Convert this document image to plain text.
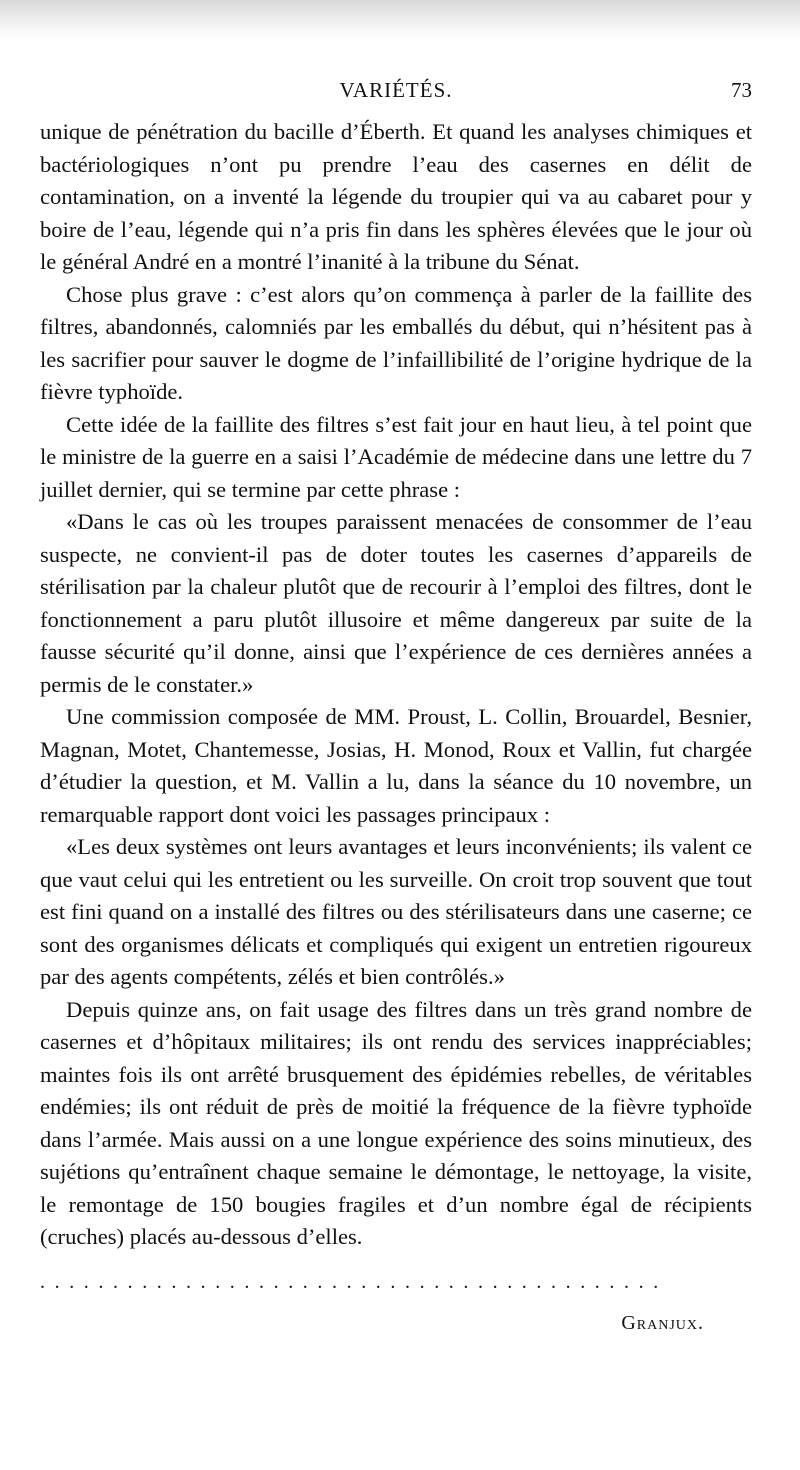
VARIÉTÉS.	73

unique de pénétration du bacille d’Éberth. Et quand les analyses chimiques et bactériologiques n’ont pu prendre l’eau des casernes en délit de contamination, on a inventé la légende du troupier qui va au cabaret pour y boire de l’eau, légende qui n’a pris fin dans les sphères élevées que le jour où le général André en a montré l’inanité à la tribune du Sénat.

Chose plus grave : c’est alors qu’on commença à parler de la faillite des filtres, abandonnés, calomniés par les emballés du début, qui n’hésitent pas à les sacrifier pour sauver le dogme de l’infaillibilité de l’origine hydrique de la fièvre typhoïde.

Cette idée de la faillite des filtres s’est fait jour en haut lieu, à tel point que le ministre de la guerre en a saisi l’Académie de médecine dans une lettre du 7 juillet dernier, qui se termine par cette phrase :

«Dans le cas où les troupes paraissent menacées de consommer de l’eau suspecte, ne convient-il pas de doter toutes les casernes d’appareils de stérilisation par la chaleur plutôt que de recourir à l’emploi des filtres, dont le fonctionnement a paru plutôt illusoire et même dangereux par suite de la fausse sécurité qu’il donne, ainsi que l’expérience de ces dernières années a permis de le constater.»

Une commission composée de MM. Proust, L. Collin, Brouardel, Besnier, Magnan, Motet, Chantemesse, Josias, H. Monod, Roux et Vallin, fut chargée d’étudier la question, et M. Vallin a lu, dans la séance du 10 novembre, un remarquable rapport dont voici les passages principaux :

«Les deux systèmes ont leurs avantages et leurs inconvénients; ils valent ce que vaut celui qui les entretient ou les surveille. On croit trop souvent que tout est fini quand on a installé des filtres ou des stérilisateurs dans une caserne; ce sont des organismes délicats et compliqués qui exigent un entretien rigoureux par des agents compétents, zélés et bien contrôlés.»

Depuis quinze ans, on fait usage des filtres dans un très grand nombre de casernes et d’hôpitaux militaires; ils ont rendu des services inappréciables; maintes fois ils ont arrêté brusquement des épidémies rebelles, de véritables endémies; ils ont réduit de près de moitié la fréquence de la fièvre typhoïde dans l’armée. Mais aussi on a une longue expérience des soins minutieux, des sujétions qu’entraînent chaque semaine le démontage, le nettoyage, la visite, le remontage de 150 bougies fragiles et d’un nombre égal de récipients (cruches) placés au-dessous d’elles.

...........................................
Granjux.
